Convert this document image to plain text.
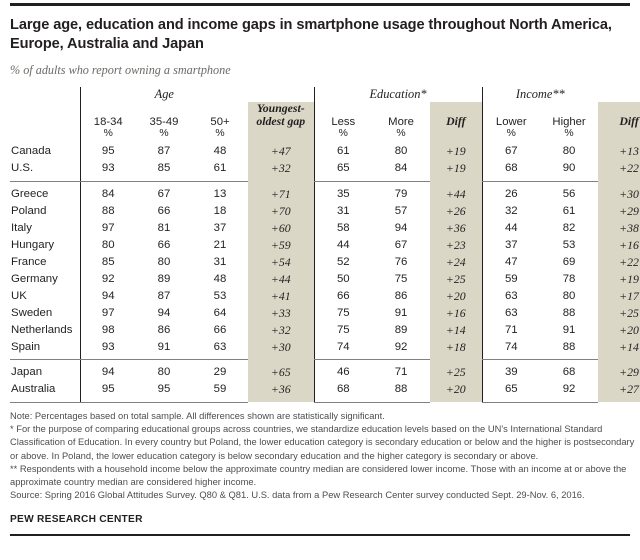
Large age, education and income gaps in smartphone usage throughout North America, Europe, Australia and Japan
% of adults who report owning a smartphone
	Age				Education*			Income**		
	18-34	35-49	50+	Youngest-oldest gap	Less	More	Diff	Lower	Higher	Diff
	%	%	%		%	%		%	%	
Canada	95	87	48	+47	61	80	+19	67	80	+13
U.S.	93	85	61	+32	65	84	+19	68	90	+22

Greece	84	67	13	+71	35	79	+44	26	56	+30
Poland	88	66	18	+70	31	57	+26	32	61	+29
Italy	97	81	37	+60	58	94	+36	44	82	+38
Hungary	80	66	21	+59	44	67	+23	37	53	+16
France	85	80	31	+54	52	76	+24	47	69	+22
Germany	92	89	48	+44	50	75	+25	59	78	+19
UK	94	87	53	+41	66	86	+20	63	80	+17
Sweden	97	94	64	+33	75	91	+16	63	88	+25
Netherlands	98	86	66	+32	75	89	+14	71	91	+20
Spain	93	91	63	+30	74	92	+18	74	88	+14

Japan	94	80	29	+65	46	71	+25	39	68	+29
Australia	95	95	59	+36	68	88	+20	65	92	+27

Note: Percentages based on total sample. All differences shown are statistically significant.

* For the purpose of comparing educational groups across countries, we standardize education levels based on the UN's International Standard Classification of Education. In every country but Poland, the lower education category is secondary education or below and the higher is postsecondary or above. In Poland, the lower education category is below secondary education and the higher category is secondary or above.

** Respondents with a household income below the approximate country median are considered lower income. Those with an income at or above the approximate country median are considered higher income.

Source: Spring 2016 Global Attitudes Survey. Q80 & Q81. U.S. data from a Pew Research Center survey conducted Sept. 29-Nov. 6, 2016.

PEW RESEARCH CENTER
